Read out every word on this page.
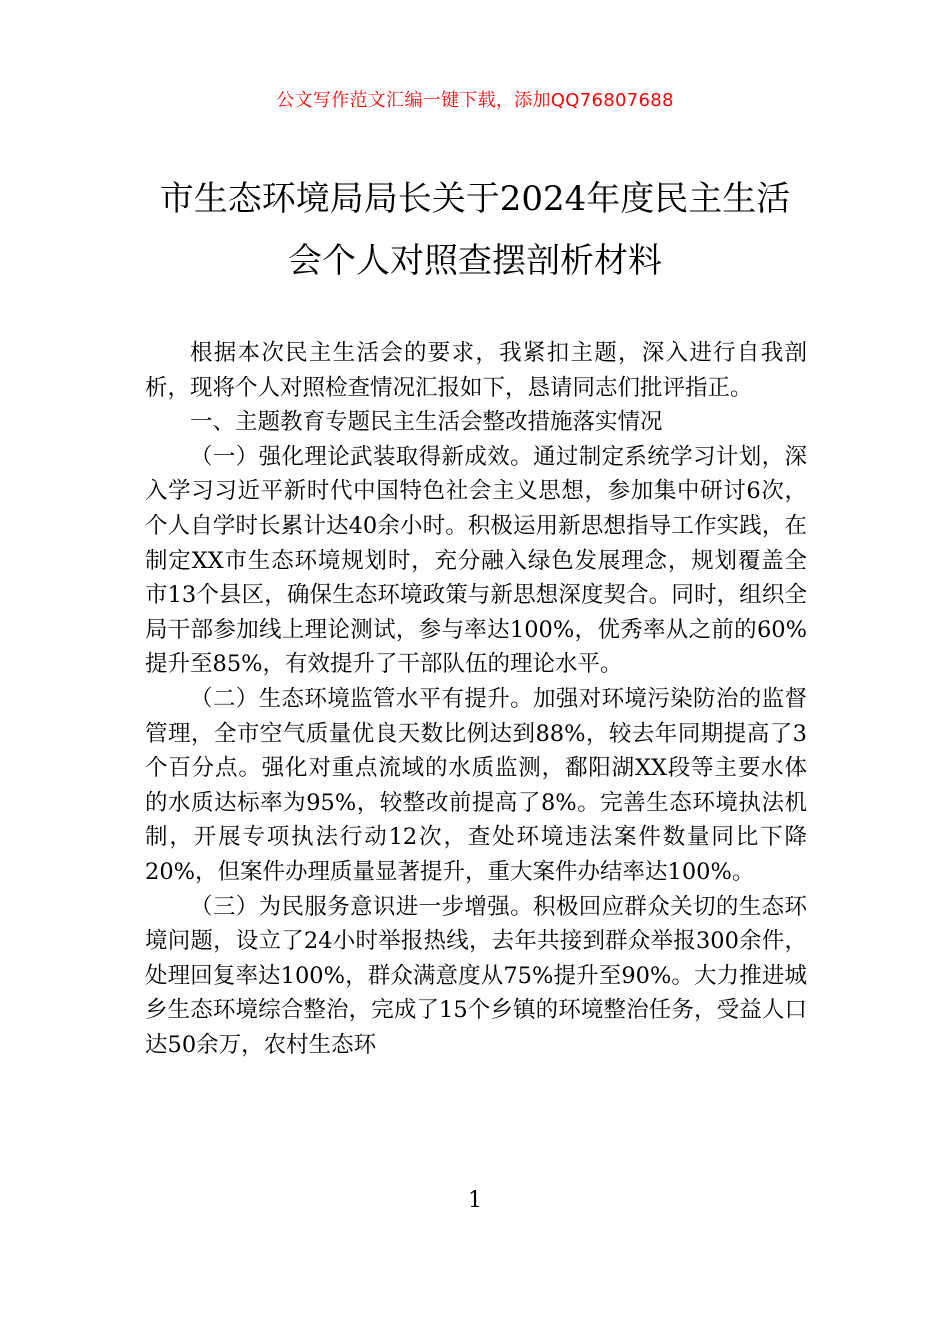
公文写作范文汇编一键下载，添加QQ76807688
市生态环境局局长关于2024年度民主生活会个人对照查摆剖析材料

根据本次民主生活会的要求，我紧扣主题，深入进行自我剖析，现将个人对照检查情况汇报如下，恳请同志们批评指正。

一、主题教育专题民主生活会整改措施落实情况

（一）强化理论武装取得新成效。通过制定系统学习计划，深入学习习近平新时代中国特色社会主义思想，参加集中研讨6次，个人自学时长累计达40余小时。积极运用新思想指导工作实践，在制定XX市生态环境规划时，充分融入绿色发展理念，规划覆盖全市13个县区，确保生态环境政策与新思想深度契合。同时，组织全局干部参加线上理论测试，参与率达100%，优秀率从之前的60%提升至85%，有效提升了干部队伍的理论水平。

（二）生态环境监管水平有提升。加强对环境污染防治的监督管理，全市空气质量优良天数比例达到88%，较去年同期提高了3个百分点。强化对重点流域的水质监测，鄱阳湖XX段等主要水体的水质达标率为95%，较整改前提高了8%。完善生态环境执法机制，开展专项执法行动12次，查处环境违法案件数量同比下降20%，但案件办理质量显著提升，重大案件办结率达100%。

（三）为民服务意识进一步增强。积极回应群众关切的生态环境问题，设立了24小时举报热线，去年共接到群众举报300余件，处理回复率达100%，群众满意度从75%提升至90%。大力推进城乡生态环境综合整治，完成了15个乡镇的环境整治任务，受益人口达50余万，农村生态环

1
